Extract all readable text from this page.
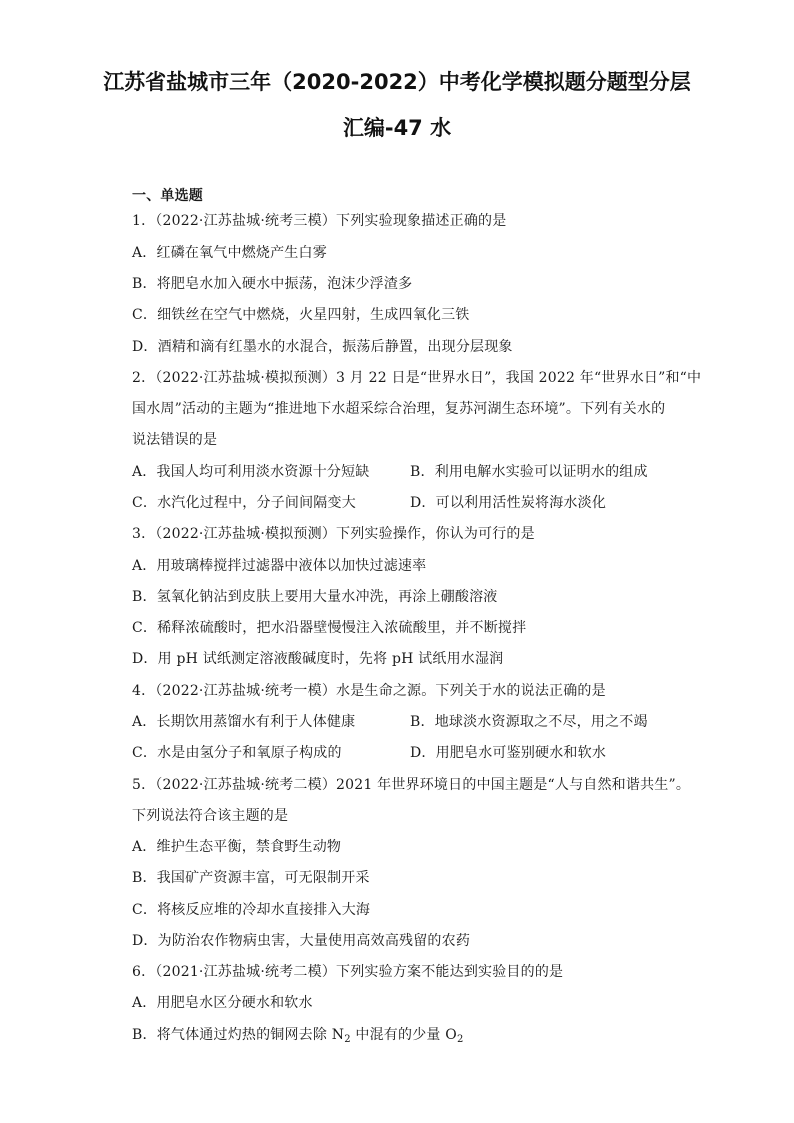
江苏省盐城市三年（2020-2022）中考化学模拟题分题型分层
汇编-47 水
一、单选题
1．（2022·江苏盐城·统考三模）下列实验现象描述正确的是
A．红磷在氧气中燃烧产生白雾
B．将肥皂水加入硬水中振荡，泡沫少浮渣多
C．细铁丝在空气中燃烧，火星四射，生成四氧化三铁
D．酒精和滴有红墨水的水混合，振荡后静置，出现分层现象
2．（2022·江苏盐城·模拟预测）3 月 22 日是“世界水日”，我国 2022 年“世界水日”和“中
国水周”活动的主题为“推进地下水超采综合治理，复苏河湖生态环境”。下列有关水的
说法错误的是
A．我国人均可利用淡水资源十分短缺	B．利用电解水实验可以证明水的组成
C．水汽化过程中，分子间间隔变大	D．可以利用活性炭将海水淡化
3．（2022·江苏盐城·模拟预测）下列实验操作，你认为可行的是
A．用玻璃棒搅拌过滤器中液体以加快过滤速率
B．氢氧化钠沾到皮肤上要用大量水冲洗，再涂上硼酸溶液
C．稀释浓硫酸时，把水沿器壁慢慢注入浓硫酸里，并不断搅拌
D．用 pH 试纸测定溶液酸碱度时，先将 pH 试纸用水湿润
4．（2022·江苏盐城·统考一模）水是生命之源。下列关于水的说法正确的是
A．长期饮用蒸馏水有利于人体健康	B．地球淡水资源取之不尽，用之不竭
C．水是由氢分子和氧原子构成的	D．用肥皂水可鉴别硬水和软水
5．（2022·江苏盐城·统考二模）2021 年世界环境日的中国主题是“人与自然和谐共生”。
下列说法符合该主题的是
A．维护生态平衡，禁食野生动物
B．我国矿产资源丰富，可无限制开采
C．将核反应堆的冷却水直接排入大海
D．为防治农作物病虫害，大量使用高效高残留的农药
6．（2021·江苏盐城·统考二模）下列实验方案不能达到实验目的的是
A．用肥皂水区分硬水和软水
B．将气体通过灼热的铜网去除 $N_2$ 中混有的少量 $O_2$
